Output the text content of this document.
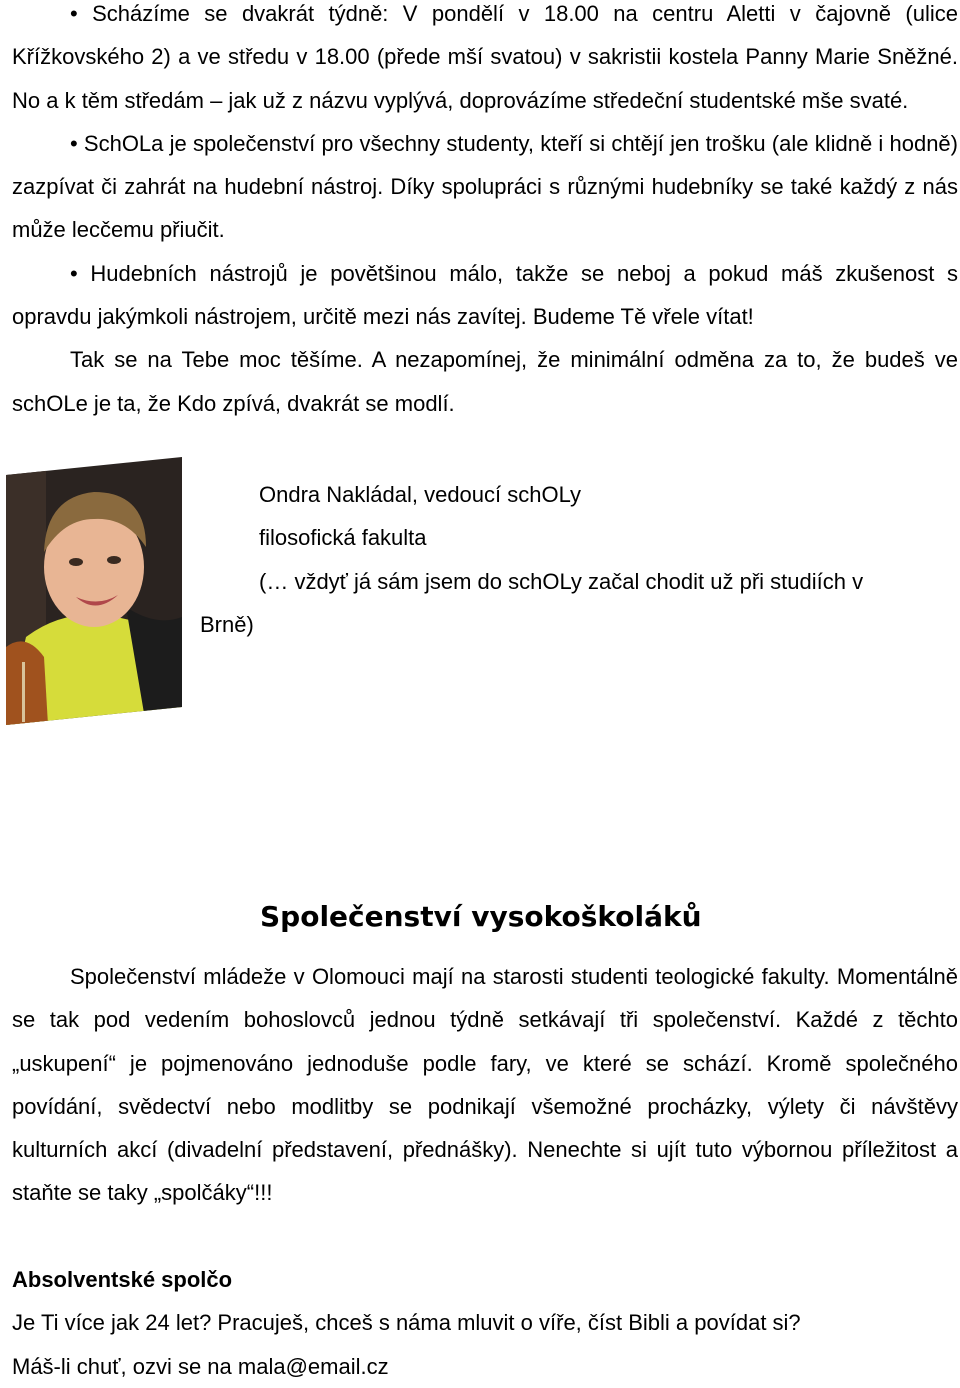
• Scházíme se dvakrát týdně: V pondělí v 18.00 na centru Aletti v čajovně (ulice Křížkovského 2) a ve středu v 18.00 (přede mší svatou) v sakristii kostela Panny Marie Sněžné. No a k těm středám – jak už z názvu vyplývá, doprovázíme středeční studentské mše svaté.

• SchOLa je společenství pro všechny studenty, kteří si chtějí jen trošku (ale klidně i hodně) zazpívat či zahrát na hudební nástroj. Díky spolupráci s různými hudebníky se také každý z nás může lecčemu přiučit.

• Hudebních nástrojů je povětšinou málo, takže se neboj a pokud máš zkušenost s opravdu jakýmkoli nástrojem, určitě mezi nás zavítej. Budeme Tě vřele vítat!

Tak se na Tebe moc těšíme. A nezapomínej, že minimální odměna za to, že budeš ve schOLe je ta, že Kdo zpívá, dvakrát se modlí.

Ondra Nakládal, vedoucí schOLy
filosofická fakulta
(… vždyť já sám jsem do schOLy začal chodit už při studiích v
Brně)
Společenství vysokoškoláků

Společenství mládeže v Olomouci mají na starosti studenti teologické fakulty. Momentálně se tak pod vedením bohoslovců jednou týdně setkávají tři společenství. Každé z těchto „uskupení“ je pojmenováno jednoduše podle fary, ve které se schází. Kromě společného povídání, svědectví nebo modlitby se podnikají všemožné procházky, výlety či návštěvy kulturních akcí (divadelní představení, přednášky). Nenechte si ujít tuto výbornou příležitost a staňte se taky „spolčáky“!!!

Absolventské spolčo

Je Ti více jak 24 let? Pracuješ, chceš s náma mluvit o víře, číst Bibli a povídat si?

Máš-li chuť, ozvi se na mala@email.cz
